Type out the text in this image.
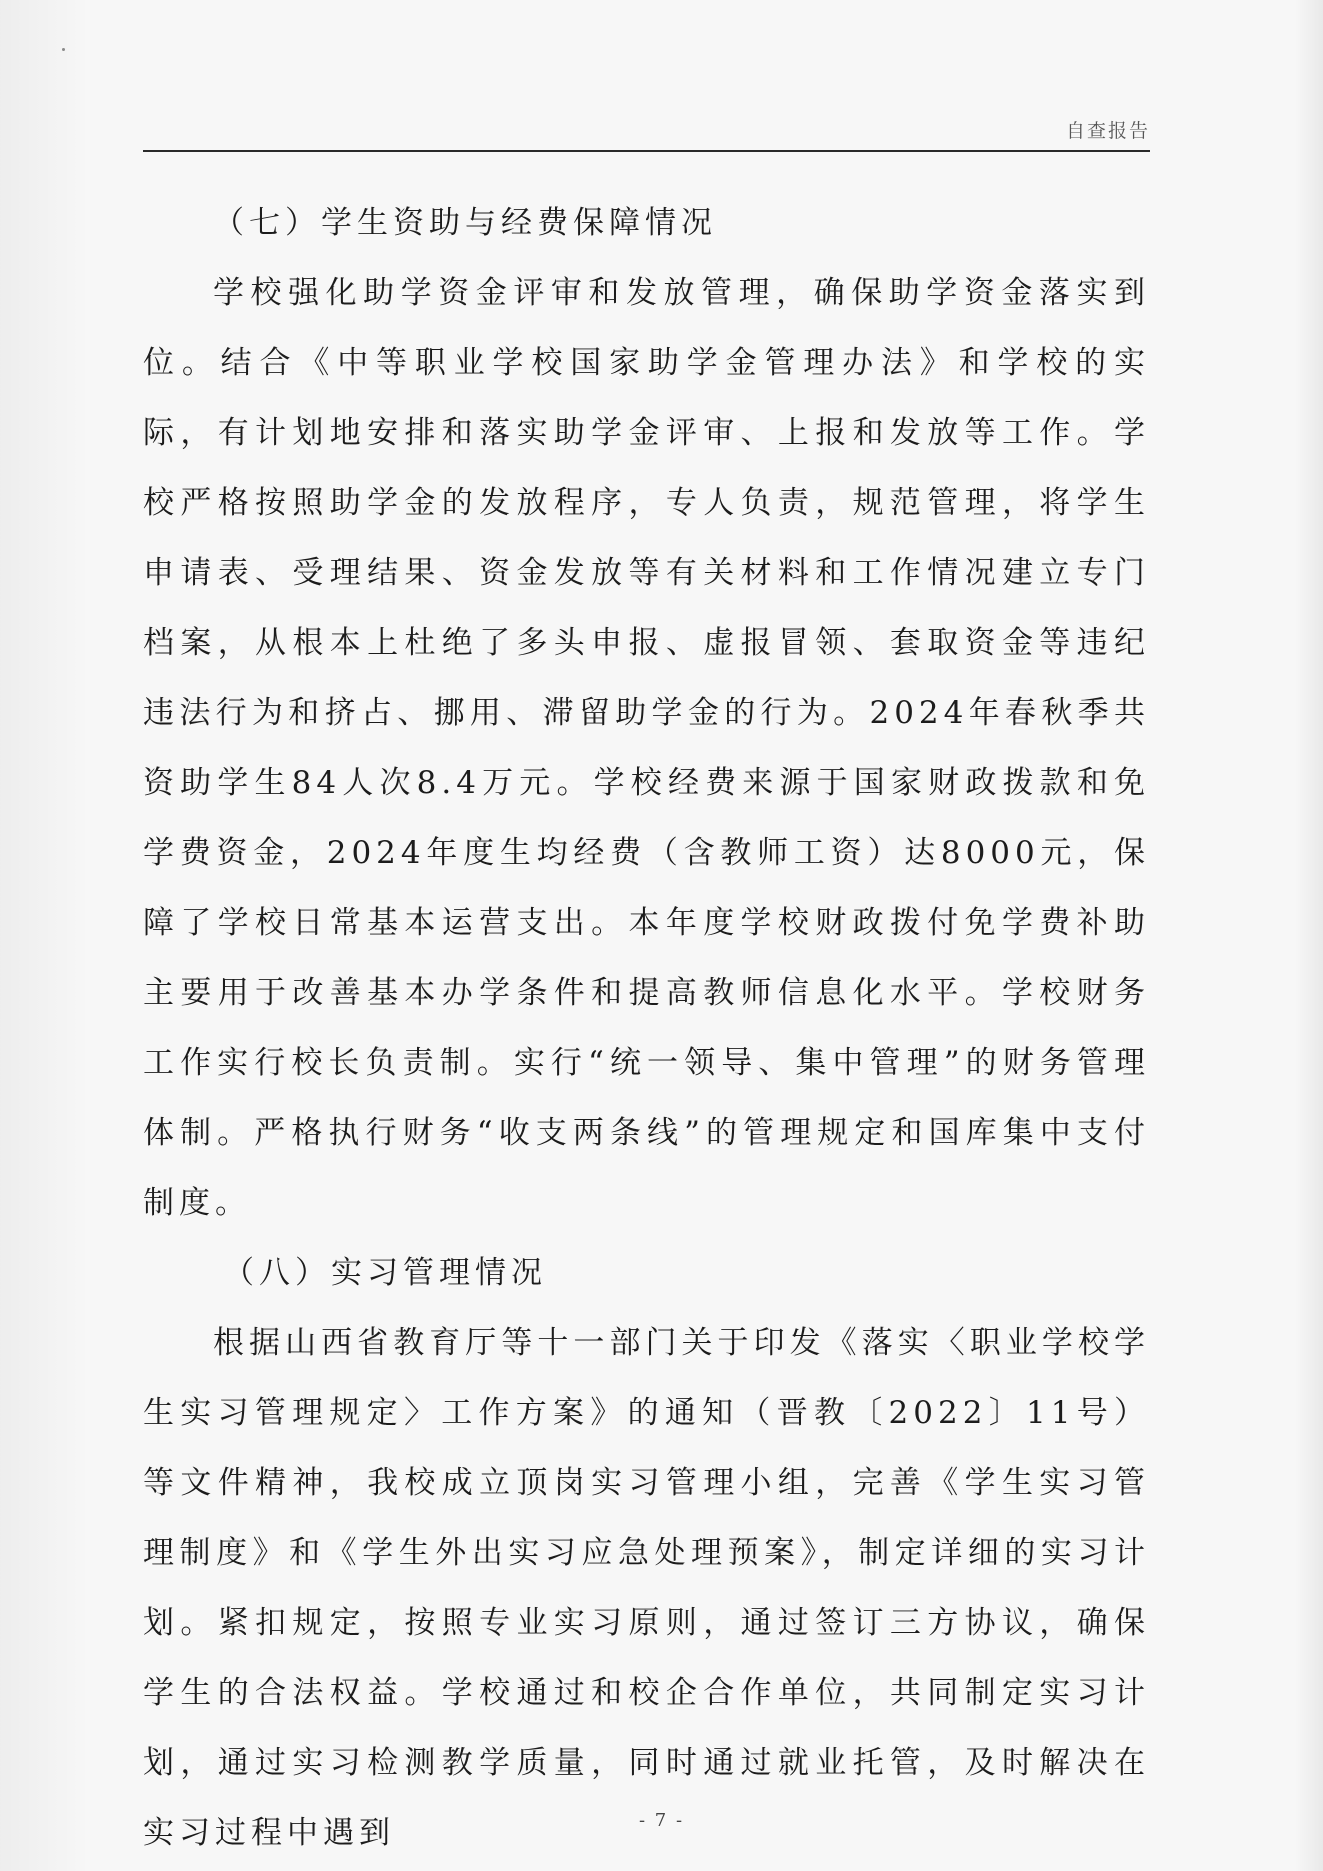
自查报告
（七）学生资助与经费保障情况

学校强化助学资金评审和发放管理，确保助学资金落实到位。结合《中等职业学校国家助学金管理办法》和学校的实际，有计划地安排和落实助学金评审、上报和发放等工作。学校严格按照助学金的发放程序，专人负责，规范管理，将学生申请表、受理结果、资金发放等有关材料和工作情况建立专门档案，从根本上杜绝了多头申报、虚报冒领、套取资金等违纪违法行为和挤占、挪用、滞留助学金的行为。2024年春秋季共资助学生84人次8.4万元。学校经费来源于国家财政拨款和免学费资金，2024年度生均经费（含教师工资）达8000元，保障了学校日常基本运营支出。本年度学校财政拨付免学费补助主要用于改善基本办学条件和提高教师信息化水平。学校财务工作实行校长负责制。实行“统一领导、集中管理”的财务管理体制。严格执行财务“收支两条线”的管理规定和国库集中支付制度。

（八）实习管理情况

根据山西省教育厅等十一部门关于印发《落实〈职业学校学生实习管理规定〉工作方案》的通知（晋教〔2022〕11号）等文件精神，我校成立顶岗实习管理小组，完善《学生实习管理制度》和《学生外出实习应急处理预案》，制定详细的实习计划。紧扣规定，按照专业实习原则，通过签订三方协议，确保学生的合法权益。学校通过和校企合作单位，共同制定实习计划，通过实习检测教学质量，同时通过就业托管，及时解决在实习过程中遇到	- 7 -
